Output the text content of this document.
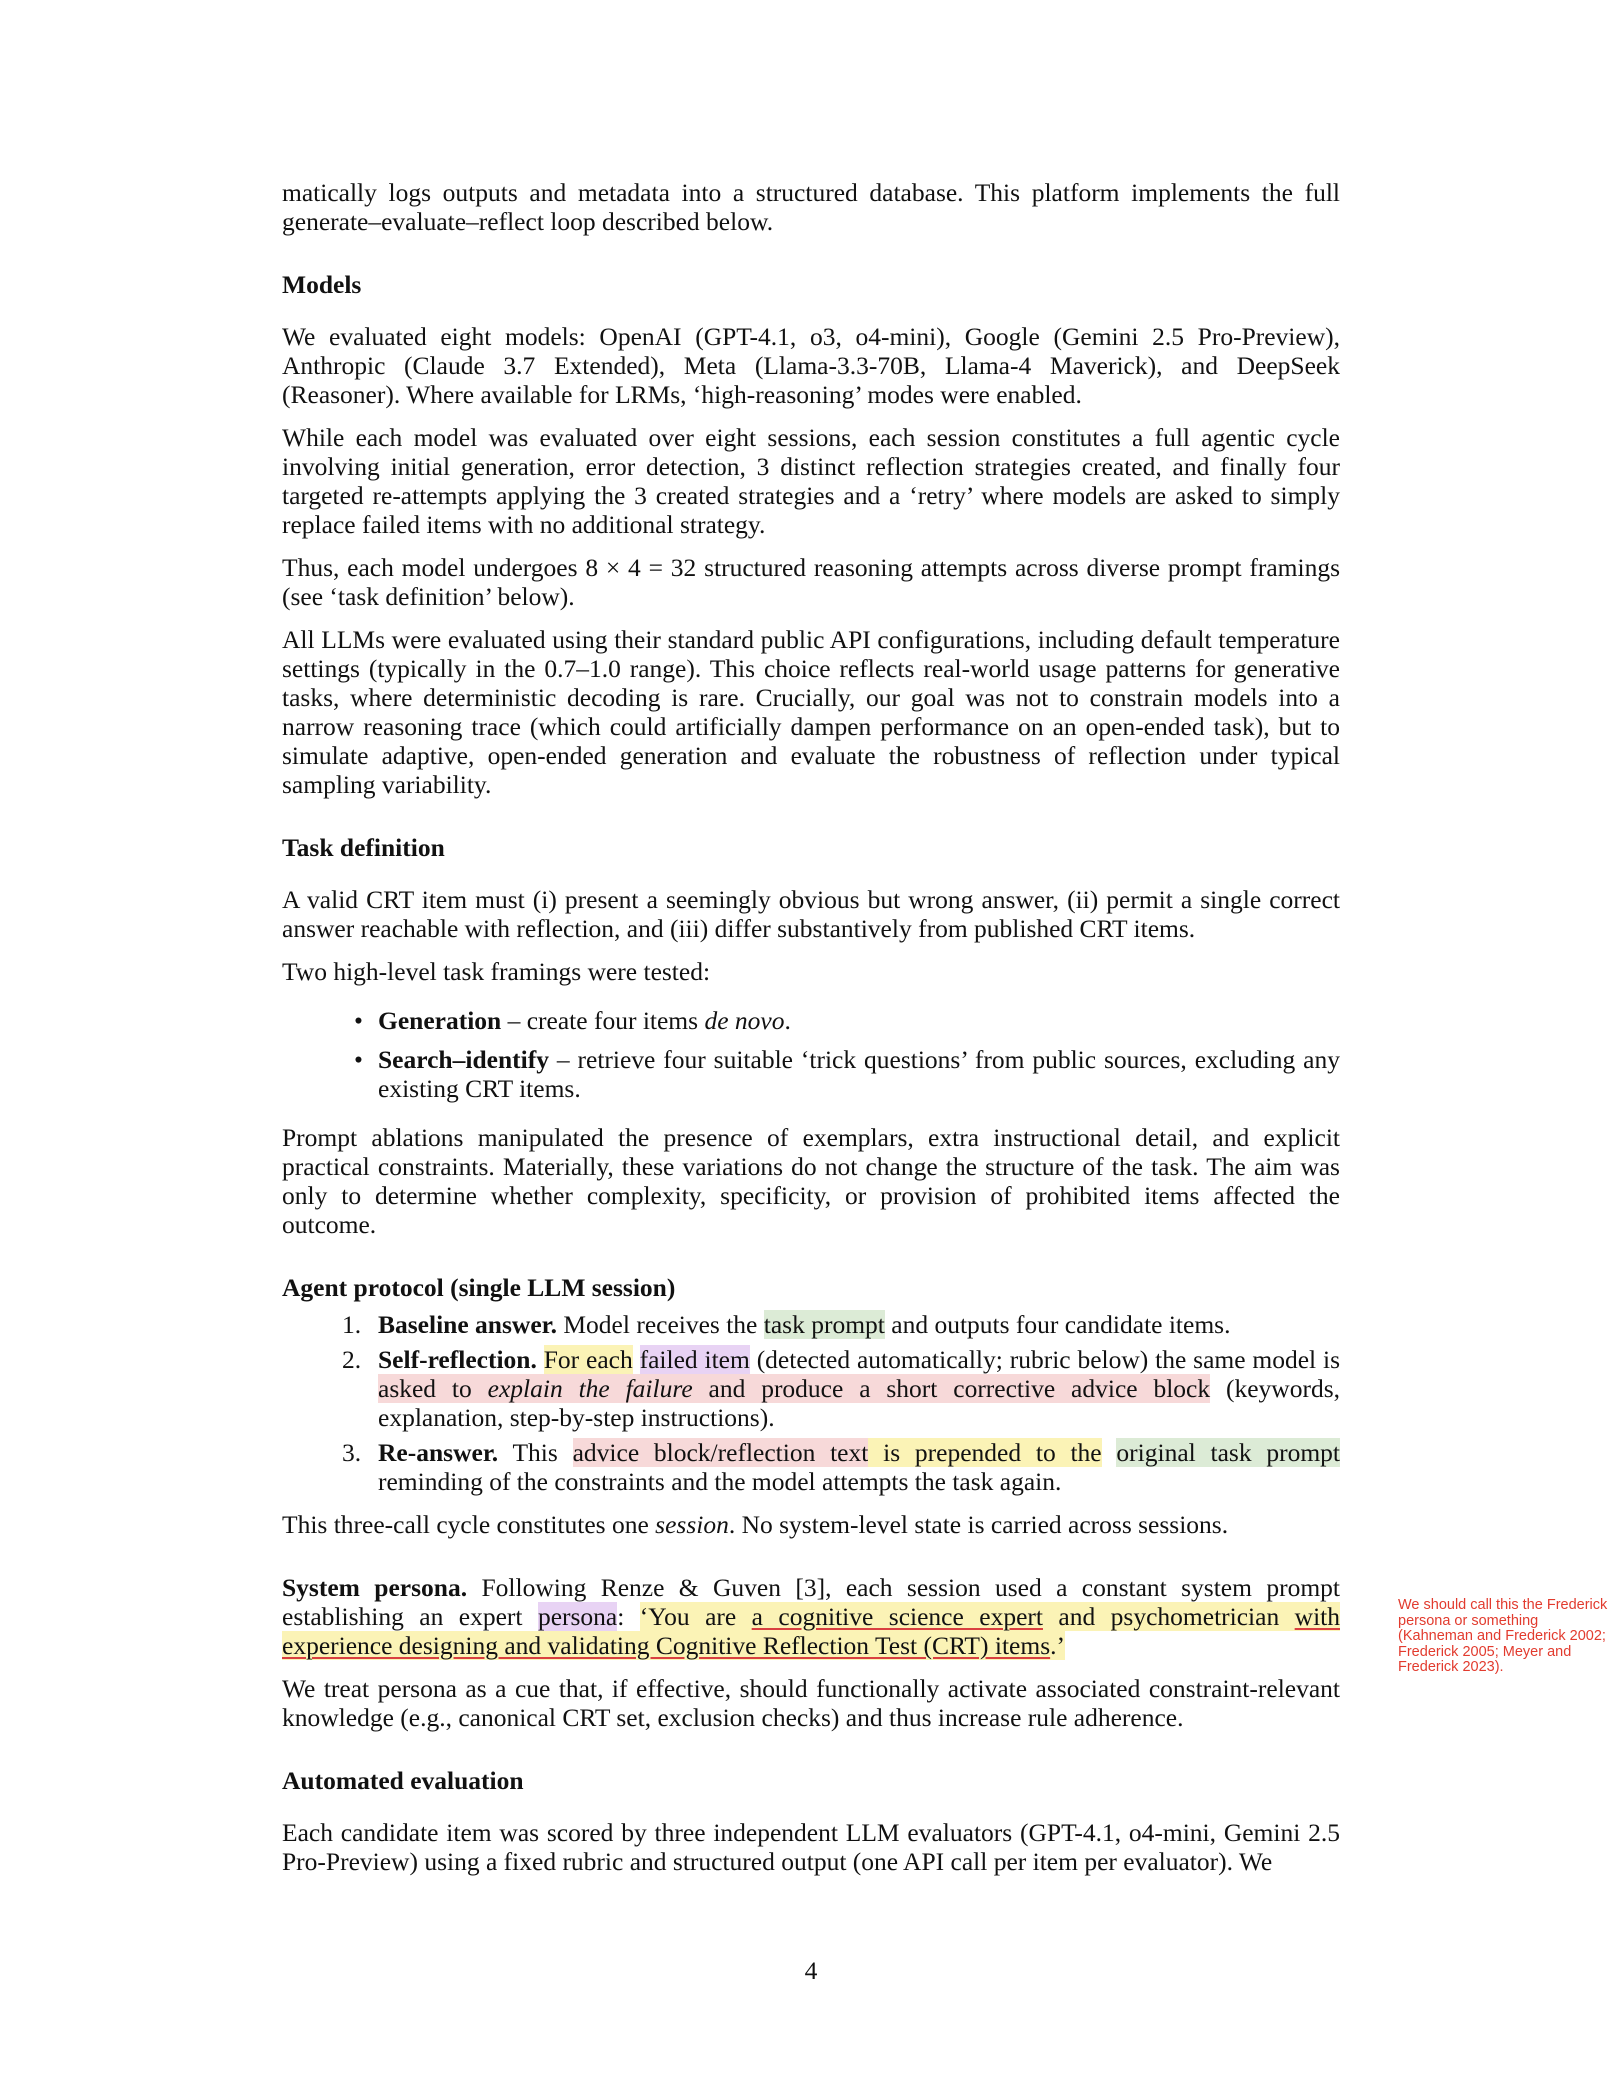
matically logs outputs and metadata into a structured database. This platform implements the full generate–evaluate–reflect loop described below.

Models

We evaluated eight models: OpenAI (GPT-4.1, o3, o4-mini), Google (Gemini 2.5 Pro-Preview), Anthropic (Claude 3.7 Extended), Meta (Llama-3.3-70B, Llama-4 Maverick), and DeepSeek (Reasoner). Where available for LRMs, ‘high-reasoning’ modes were enabled.

While each model was evaluated over eight sessions, each session constitutes a full agentic cycle involving initial generation, error detection, 3 distinct reflection strategies created, and finally four targeted re-attempts applying the 3 created strategies and a ‘retry’ where models are asked to simply replace failed items with no additional strategy.

Thus, each model undergoes 8 × 4 = 32 structured reasoning attempts across diverse prompt framings (see ‘task definition’ below).

All LLMs were evaluated using their standard public API configurations, including default temperature settings (typically in the 0.7–1.0 range). This choice reflects real-world usage patterns for generative tasks, where deterministic decoding is rare. Crucially, our goal was not to constrain models into a narrow reasoning trace (which could artificially dampen performance on an open-ended task), but to simulate adaptive, open-ended generation and evaluate the robustness of reflection under typical sampling variability.

Task definition

A valid CRT item must (i) present a seemingly obvious but wrong answer, (ii) permit a single correct answer reachable with reflection, and (iii) differ substantively from published CRT items.

Two high-level task framings were tested:

• Generation – create four items de novo.
• Search–identify – retrieve four suitable ‘trick questions’ from public sources, excluding any existing CRT items.

Prompt ablations manipulated the presence of exemplars, extra instructional detail, and explicit practical constraints. Materially, these variations do not change the structure of the task. The aim was only to determine whether complexity, specificity, or provision of prohibited items affected the outcome.

Agent protocol (single LLM session)
1. Baseline answer. Model receives the task prompt and outputs four candidate items.
2. Self-reflection. For each failed item (detected automatically; rubric below) the same model is asked to explain the failure and produce a short corrective advice block (keywords, explanation, step-by-step instructions).
3. Re-answer. This advice block/reflection text is prepended to the original task prompt reminding of the constraints and the model attempts the task again.

This three-call cycle constitutes one session. No system-level state is carried across sessions.

System persona. Following Renze & Guven [3], each session used a constant system prompt establishing an expert persona: ‘You are a cognitive science expert and psychometrician with experience designing and validating Cognitive Reflection Test (CRT) items.’

We treat persona as a cue that, if effective, should functionally activate associated constraint-relevant knowledge (e.g., canonical CRT set, exclusion checks) and thus increase rule adherence.

Automated evaluation

Each candidate item was scored by three independent LLM evaluators (GPT-4.1, o4-mini, Gemini 2.5 Pro-Preview) using a fixed rubric and structured output (one API call per item per evaluator). We

We should call this the Frederick persona or something (Kahneman and Frederick 2002; Frederick 2005; Meyer and Frederick 2023).
4
